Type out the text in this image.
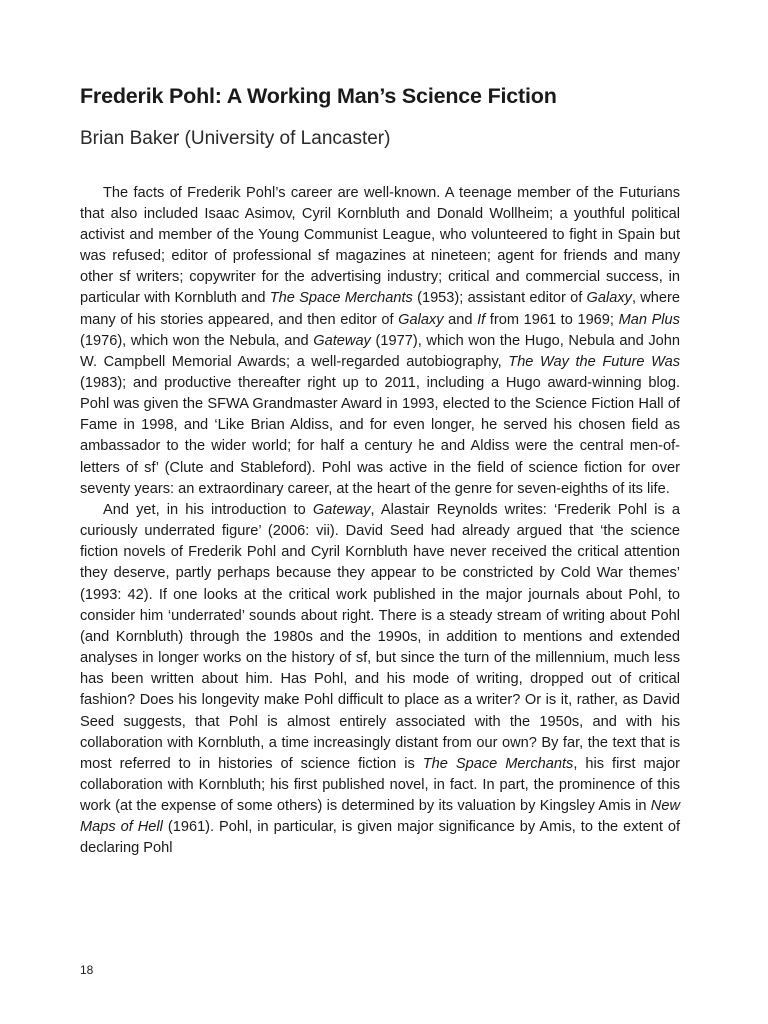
Frederik Pohl: A Working Man’s Science Fiction
Brian Baker (University of Lancaster)

The facts of Frederik Pohl’s career are well-known. A teenage member of the Futurians that also included Isaac Asimov, Cyril Kornbluth and Donald Wollheim; a youthful political activist and member of the Young Communist League, who volunteered to fight in Spain but was refused; editor of professional sf magazines at nineteen; agent for friends and many other sf writers; copywriter for the advertising industry; critical and commercial success, in particular with Kornbluth and The Space Merchants (1953); assistant editor of Galaxy, where many of his stories appeared, and then editor of Galaxy and If from 1961 to 1969; Man Plus (1976), which won the Nebula, and Gateway (1977), which won the Hugo, Nebula and John W. Campbell Memorial Awards; a well-regarded autobiography, The Way the Future Was (1983); and productive thereafter right up to 2011, including a Hugo award-winning blog. Pohl was given the SFWA Grandmaster Award in 1993, elected to the Science Fiction Hall of Fame in 1998, and ‘Like Brian Aldiss, and for even longer, he served his chosen field as ambassador to the wider world; for half a century he and Aldiss were the central men-of-letters of sf’ (Clute and Stableford). Pohl was active in the field of science fiction for over seventy years: an extraordinary career, at the heart of the genre for seven-eighths of its life.

And yet, in his introduction to Gateway, Alastair Reynolds writes: ‘Frederik Pohl is a curiously underrated figure’ (2006: vii). David Seed had already argued that ‘the science fiction novels of Frederik Pohl and Cyril Kornbluth have never received the critical attention they deserve, partly perhaps because they appear to be constricted by Cold War themes’ (1993: 42). If one looks at the critical work published in the major journals about Pohl, to consider him ‘underrated’ sounds about right. There is a steady stream of writing about Pohl (and Kornbluth) through the 1980s and the 1990s, in addition to mentions and extended analyses in longer works on the history of sf, but since the turn of the millennium, much less has been written about him. Has Pohl, and his mode of writing, dropped out of critical fashion? Does his longevity make Pohl difficult to place as a writer? Or is it, rather, as David Seed suggests, that Pohl is almost entirely associated with the 1950s, and with his collaboration with Kornbluth, a time increasingly distant from our own? By far, the text that is most referred to in histories of science fiction is The Space Merchants, his first major collaboration with Kornbluth; his first published novel, in fact. In part, the prominence of this work (at the expense of some others) is determined by its valuation by Kingsley Amis in New Maps of Hell (1961). Pohl, in particular, is given major significance by Amis, to the extent of declaring Pohl

18
